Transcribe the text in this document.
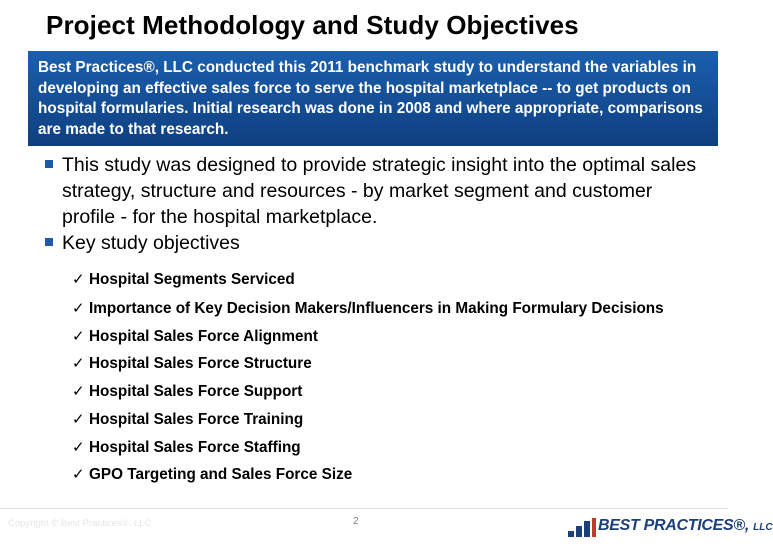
Project Methodology and Study Objectives
Best Practices®, LLC conducted this 2011 benchmark study to understand the variables in developing an effective sales force to serve the hospital marketplace -- to get products on hospital formularies. Initial research was done in 2008 and where appropriate, comparisons are made to that research.
This study was designed to provide strategic insight into the optimal sales strategy, structure and resources - by market segment and customer profile - for the hospital marketplace.
Key study objectives
✓ Hospital Segments Serviced
✓ Importance of Key Decision Makers/Influencers in Making Formulary Decisions
✓ Hospital Sales Force Alignment
✓ Hospital Sales Force Structure
✓ Hospital Sales Force Support
✓ Hospital Sales Force Training
✓ Hospital Sales Force Staffing
✓ GPO Targeting and Sales Force Size
Copyright © Best Practices®, LLC	2	BEST PRACTICES®, LLC
